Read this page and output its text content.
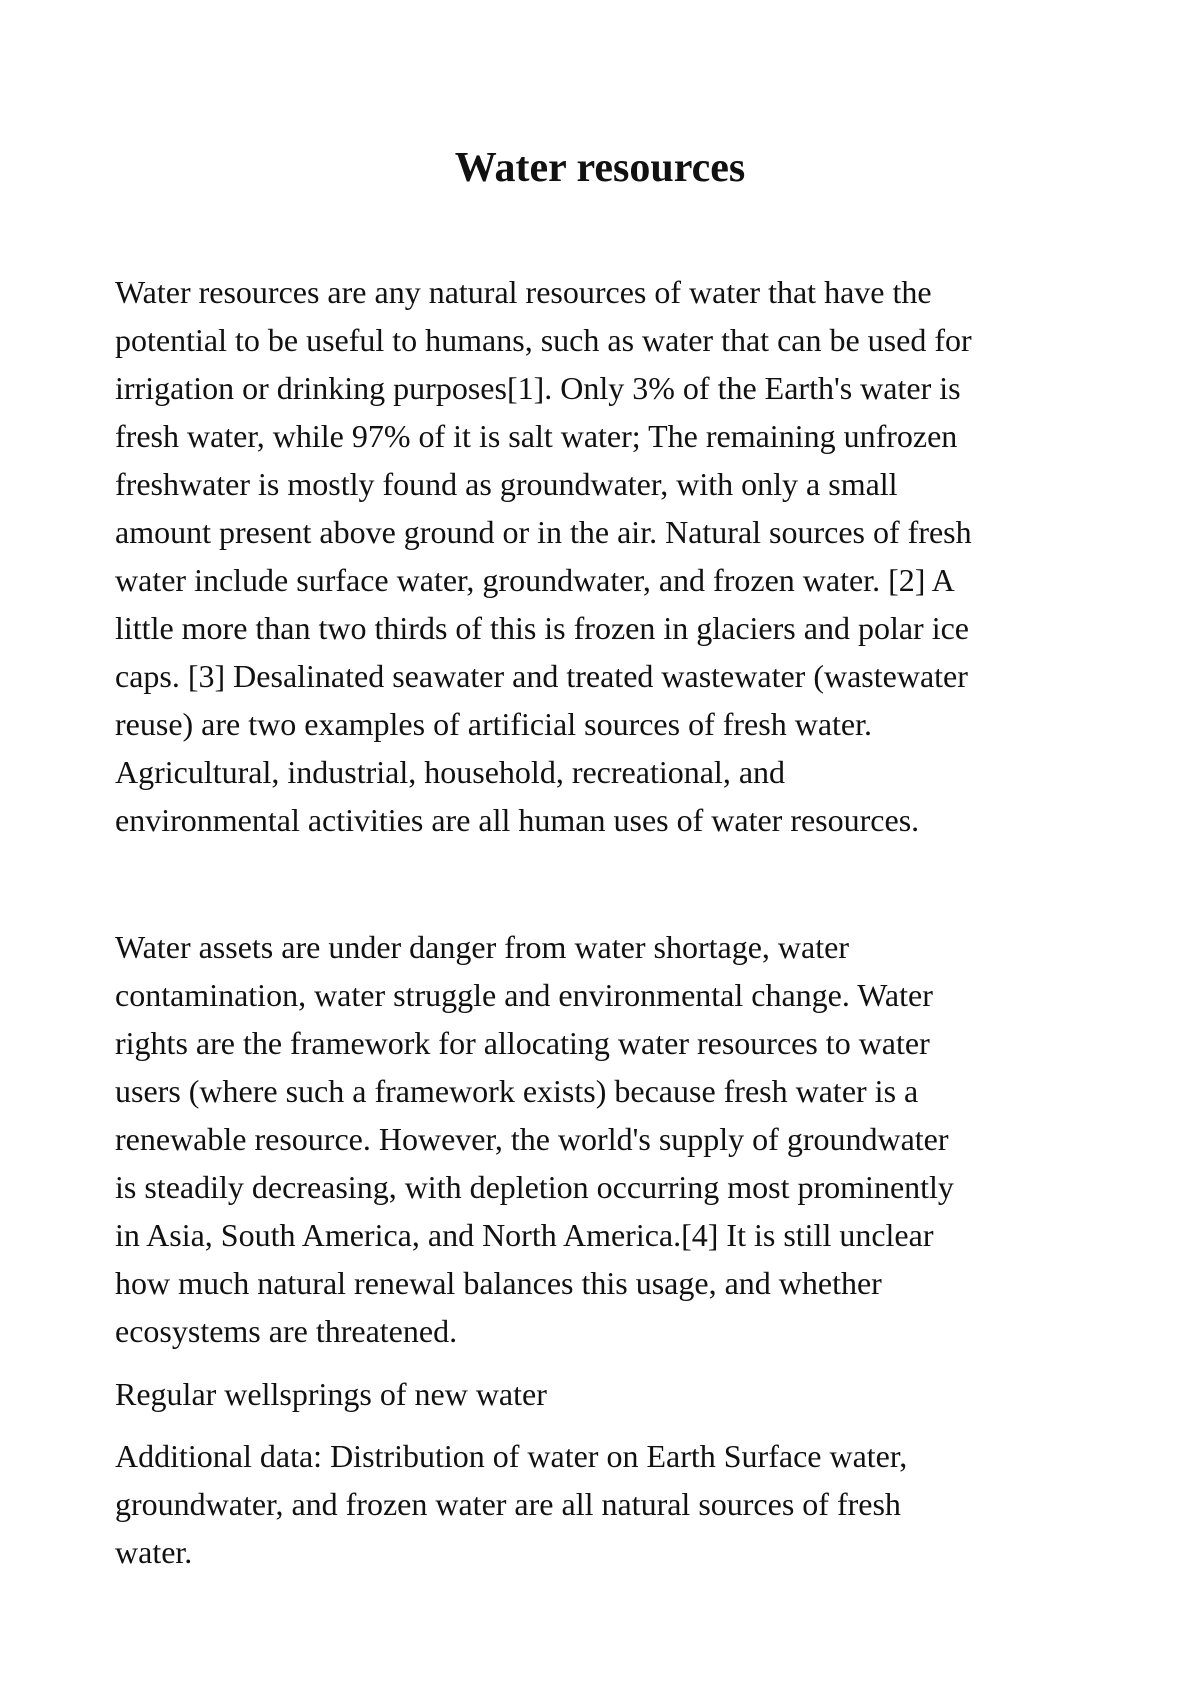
Water resources

Water resources are any natural resources of water that have the
potential to be useful to humans, such as water that can be used for
irrigation or drinking purposes[1]. Only 3% of the Earth's water is
fresh water, while 97% of it is salt water; The remaining unfrozen
freshwater is mostly found as groundwater, with only a small
amount present above ground or in the air. Natural sources of fresh
water include surface water, groundwater, and frozen water. [2] A
little more than two thirds of this is frozen in glaciers and polar ice
caps. [3] Desalinated seawater and treated wastewater (wastewater
reuse) are two examples of artificial sources of fresh water.
Agricultural, industrial, household, recreational, and
environmental activities are all human uses of water resources.

Water assets are under danger from water shortage, water
contamination, water struggle and environmental change. Water
rights are the framework for allocating water resources to water
users (where such a framework exists) because fresh water is a
renewable resource. However, the world's supply of groundwater
is steadily decreasing, with depletion occurring most prominently
in Asia, South America, and North America.[4] It is still unclear
how much natural renewal balances this usage, and whether
ecosystems are threatened.

Regular wellsprings of new water

Additional data: Distribution of water on Earth Surface water,
groundwater, and frozen water are all natural sources of fresh
water.
